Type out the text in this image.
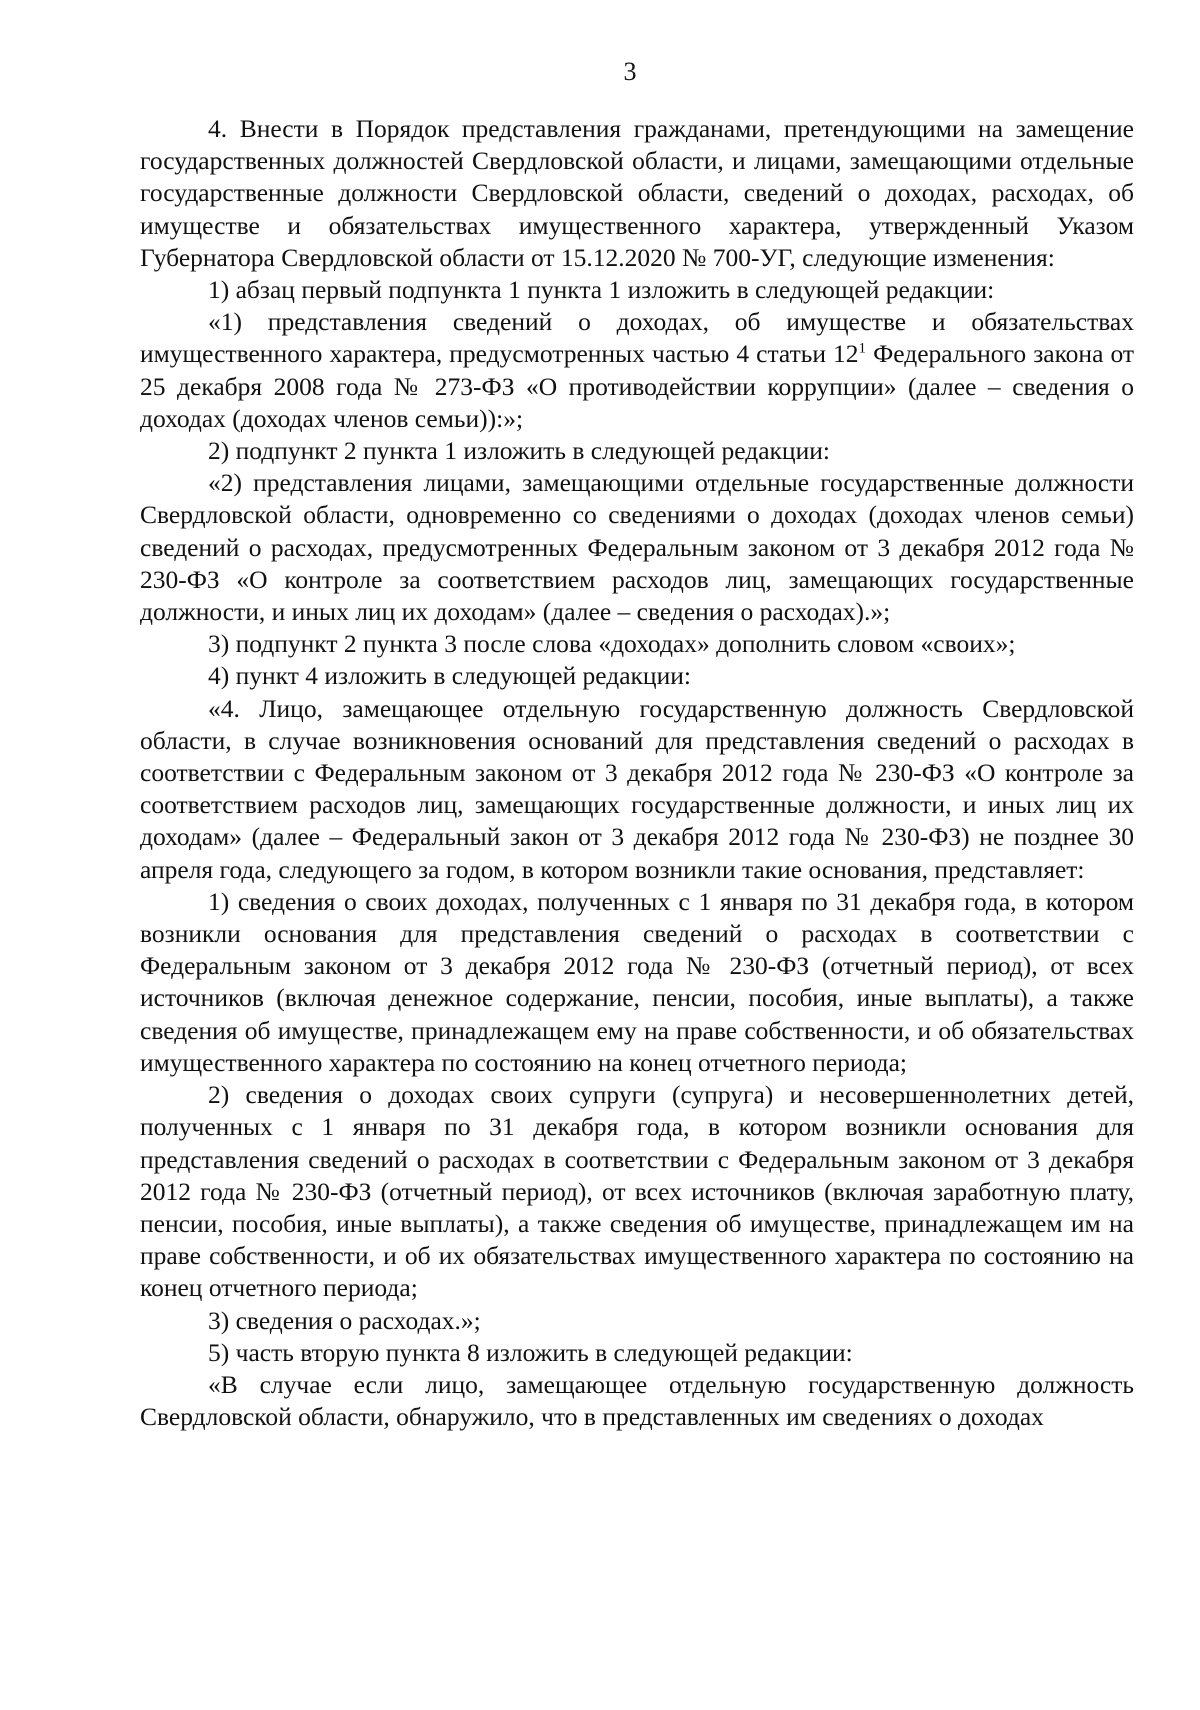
3

4. Внести в Порядок представления гражданами, претендующими на замещение государственных должностей Свердловской области, и лицами, замещающими отдельные государственные должности Свердловской области, сведений о доходах, расходах, об имуществе и обязательствах имущественного характера, утвержденный Указом Губернатора Свердловской области от 15.12.2020 № 700-УГ, следующие изменения:

1) абзац первый подпункта 1 пункта 1 изложить в следующей редакции:

«1) представления сведений о доходах, об имуществе и обязательствах имущественного характера, предусмотренных частью 4 статьи $12^1$ Федерального закона от 25 декабря 2008 года № 273-ФЗ «О противодействии коррупции» (далее – сведения о доходах (доходах членов семьи)):»;

2) подпункт 2 пункта 1 изложить в следующей редакции:

«2) представления лицами, замещающими отдельные государственные должности Свердловской области, одновременно со сведениями о доходах (доходах членов семьи) сведений о расходах, предусмотренных Федеральным законом от 3 декабря 2012 года № 230-ФЗ «О контроле за соответствием расходов лиц, замещающих государственные должности, и иных лиц их доходам» (далее – сведения о расходах).»;

3) подпункт 2 пункта 3 после слова «доходах» дополнить словом «своих»;

4) пункт 4 изложить в следующей редакции:

«4. Лицо, замещающее отдельную государственную должность Свердловской области, в случае возникновения оснований для представления сведений о расходах в соответствии с Федеральным законом от 3 декабря 2012 года № 230-ФЗ «О контроле за соответствием расходов лиц, замещающих государственные должности, и иных лиц их доходам» (далее – Федеральный закон от 3 декабря 2012 года № 230-ФЗ) не позднее 30 апреля года, следующего за годом, в котором возникли такие основания, представляет:

1) сведения о своих доходах, полученных с 1 января по 31 декабря года, в котором возникли основания для представления сведений о расходах в соответствии с Федеральным законом от 3 декабря 2012 года № 230-ФЗ (отчетный период), от всех источников (включая денежное содержание, пенсии, пособия, иные выплаты), а также сведения об имуществе, принадлежащем ему на праве собственности, и об обязательствах имущественного характера по состоянию на конец отчетного периода;

2) сведения о доходах своих супруги (супруга) и несовершеннолетних детей, полученных с 1 января по 31 декабря года, в котором возникли основания для представления сведений о расходах в соответствии с Федеральным законом от 3 декабря 2012 года № 230-ФЗ (отчетный период), от всех источников (включая заработную плату, пенсии, пособия, иные выплаты), а также сведения об имуществе, принадлежащем им на праве собственности, и об их обязательствах имущественного характера по состоянию на конец отчетного периода;

3) сведения о расходах.»;

5) часть вторую пункта 8 изложить в следующей редакции:

«В случае если лицо, замещающее отдельную государственную должность Свердловской области, обнаружило, что в представленных им сведениях о доходах
